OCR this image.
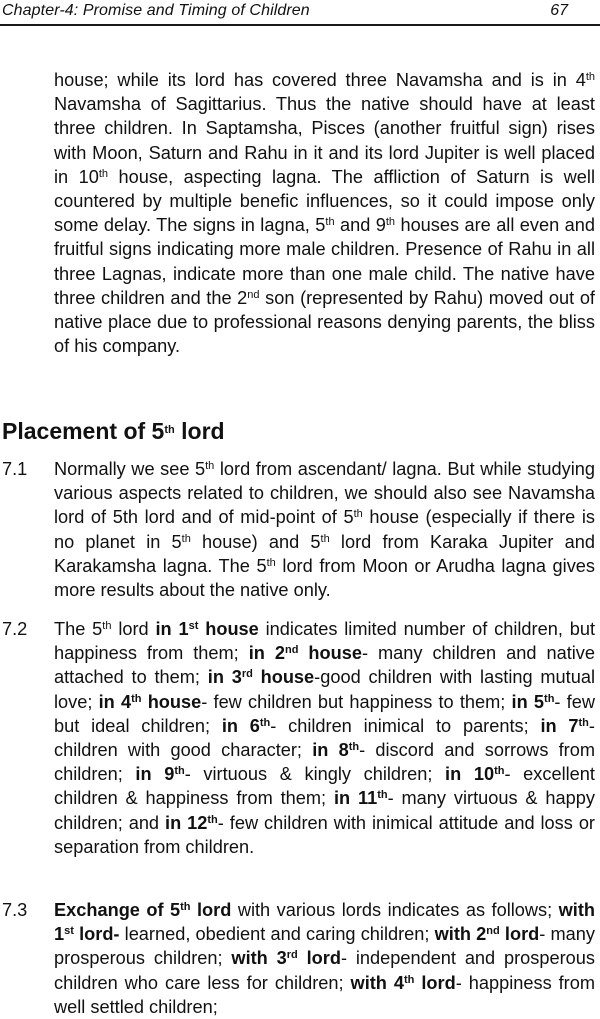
Chapter-4: Promise and Timing of Children	67
house; while its lord has covered three Navamsha and is in 4th Navamsha of Sagittarius. Thus the native should have at least three children. In Saptamsha, Pisces (another fruitful sign) rises with Moon, Saturn and Rahu in it and its lord Jupiter is well placed in 10th house, aspecting lagna. The affliction of Saturn is well countered by multiple benefic influences, so it could impose only some delay. The signs in lagna, 5th and 9th houses are all even and fruitful signs indicating more male children. Presence of Rahu in all three Lagnas, indicate more than one male child. The native have three children and the 2nd son (represented by Rahu) moved out of native place due to professional reasons denying parents, the bliss of his company.
Placement of 5th lord
7.1	Normally we see 5th lord from ascendant/ lagna. But while studying various aspects related to children, we should also see Navamsha lord of 5th lord and of mid-point of 5th house (especially if there is no planet in 5th house) and 5th lord from Karaka Jupiter and Karakamsha lagna. The 5th lord from Moon or Arudha lagna gives more results about the native only.
7.2	The 5th lord in 1st house indicates limited number of children, but happiness from them; in 2nd house- many children and native attached to them; in 3rd house-good children with lasting mutual love; in 4th house- few children but happiness to them; in 5th- few but ideal children; in 6th- children inimical to parents; in 7th- children with good character; in 8th- discord and sorrows from children; in 9th- virtuous & kingly children; in 10th- excellent children & happiness from them; in 11th- many virtuous & happy children; and in 12th- few children with inimical attitude and loss or separation from children.
7.3	Exchange of 5th lord with various lords indicates as follows; with 1st lord- learned, obedient and caring children; with 2nd lord- many prosperous children; with 3rd lord- independent and prosperous children who care less for children; with 4th lord- happiness from well settled children;
